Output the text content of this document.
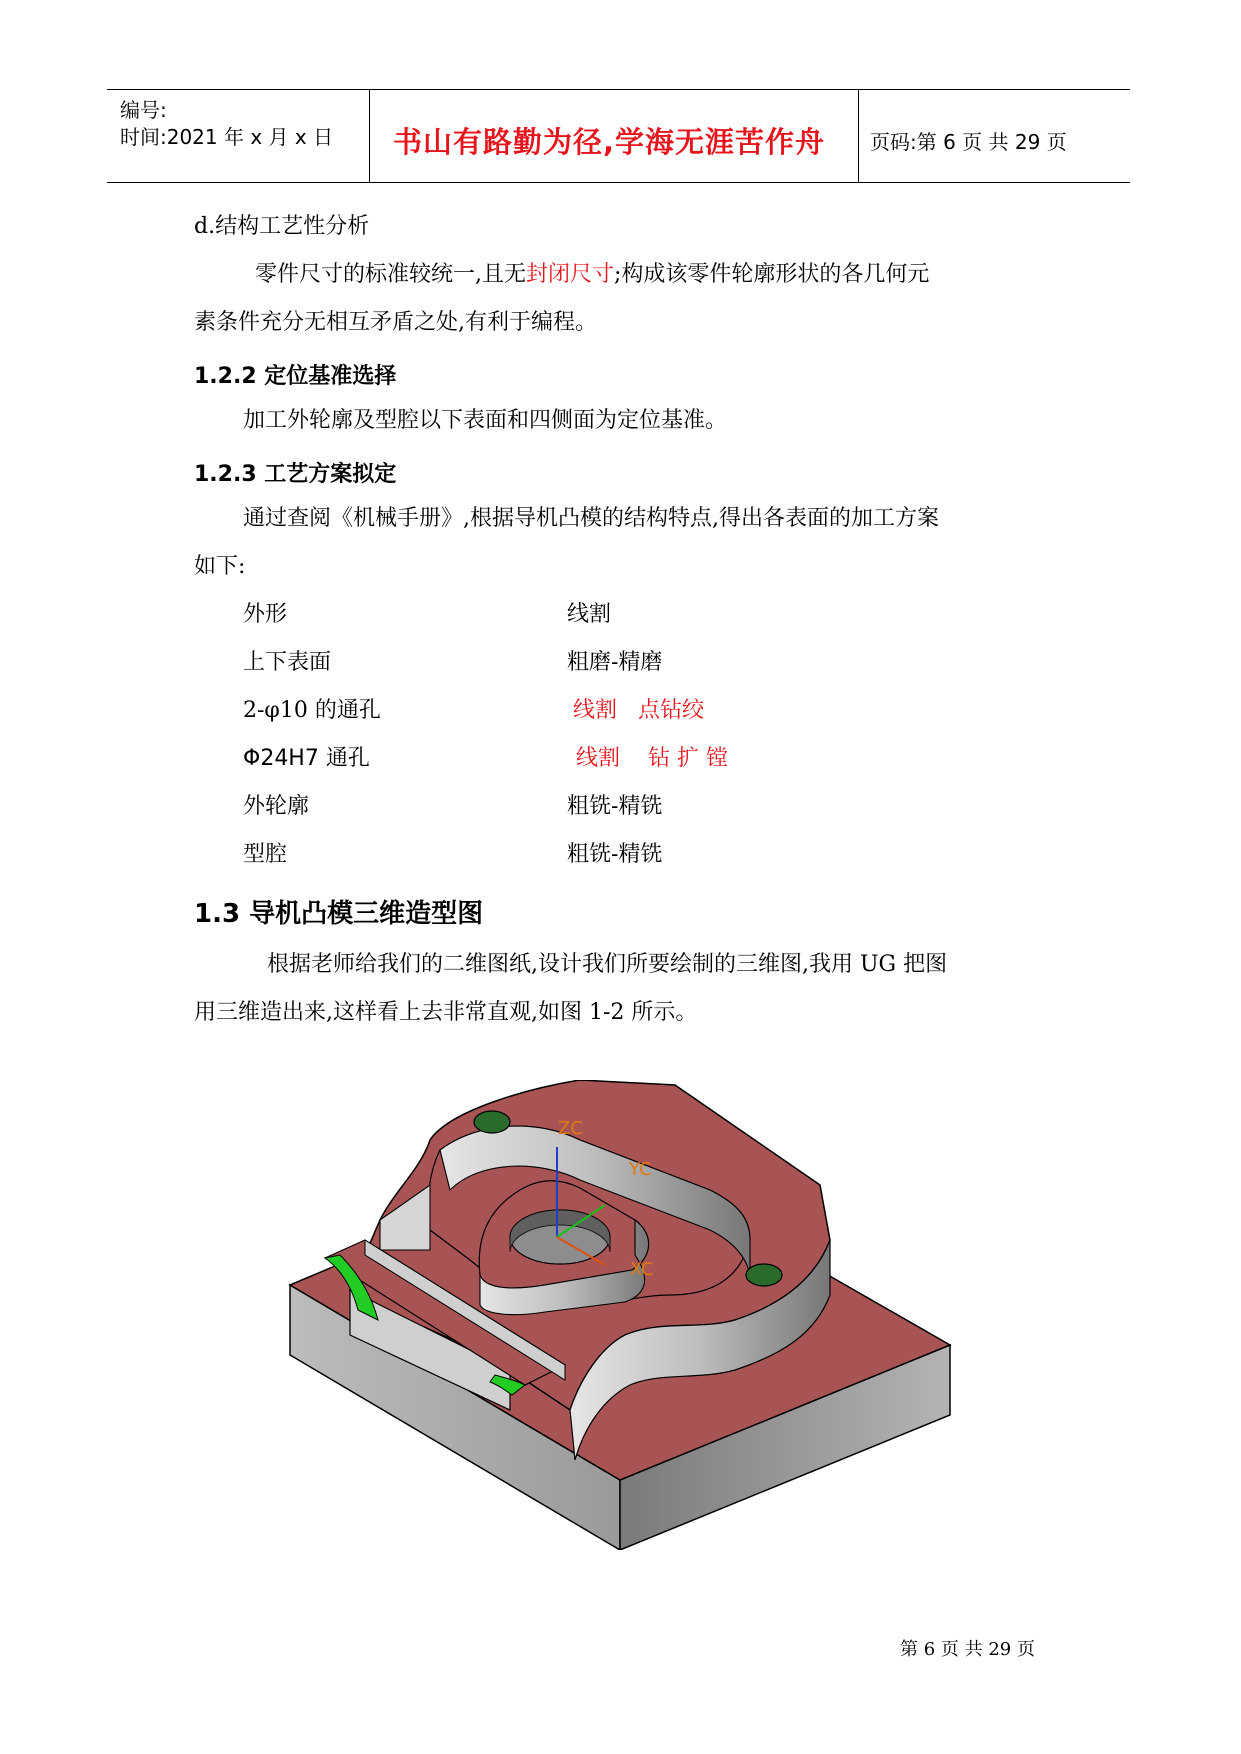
编号:
时间:2021 年 x 月 x 日 书山有路勤为径,学海无涯苦作舟 页码:第 6 页 共 29 页
d.结构工艺性分析
零件尺寸的标准较统一,且无封闭尺寸;构成该零件轮廓形状的各几何元
素条件充分无相互矛盾之处,有利于编程。
1.2.2 定位基准选择
加工外轮廓及型腔以下表面和四侧面为定位基准。
1.2.3 工艺方案拟定
通过查阅《机械手册》,根据导机凸模的结构特点,得出各表面的加工方案
如下:
外形	线割
上下表面	粗磨-精磨
2-φ10 的通孔	线割   点钻绞
Φ24H7 通孔	线割    钻 扩 镗
外轮廓	粗铣-精铣
型腔	粗铣-精铣
1.3 导机凸模三维造型图
根据老师给我们的二维图纸,设计我们所要绘制的三维图,我用 UG 把图
用三维造出来,这样看上去非常直观,如图 1-2 所示。
ZC
YC
XC
第 6 页 共 29 页
